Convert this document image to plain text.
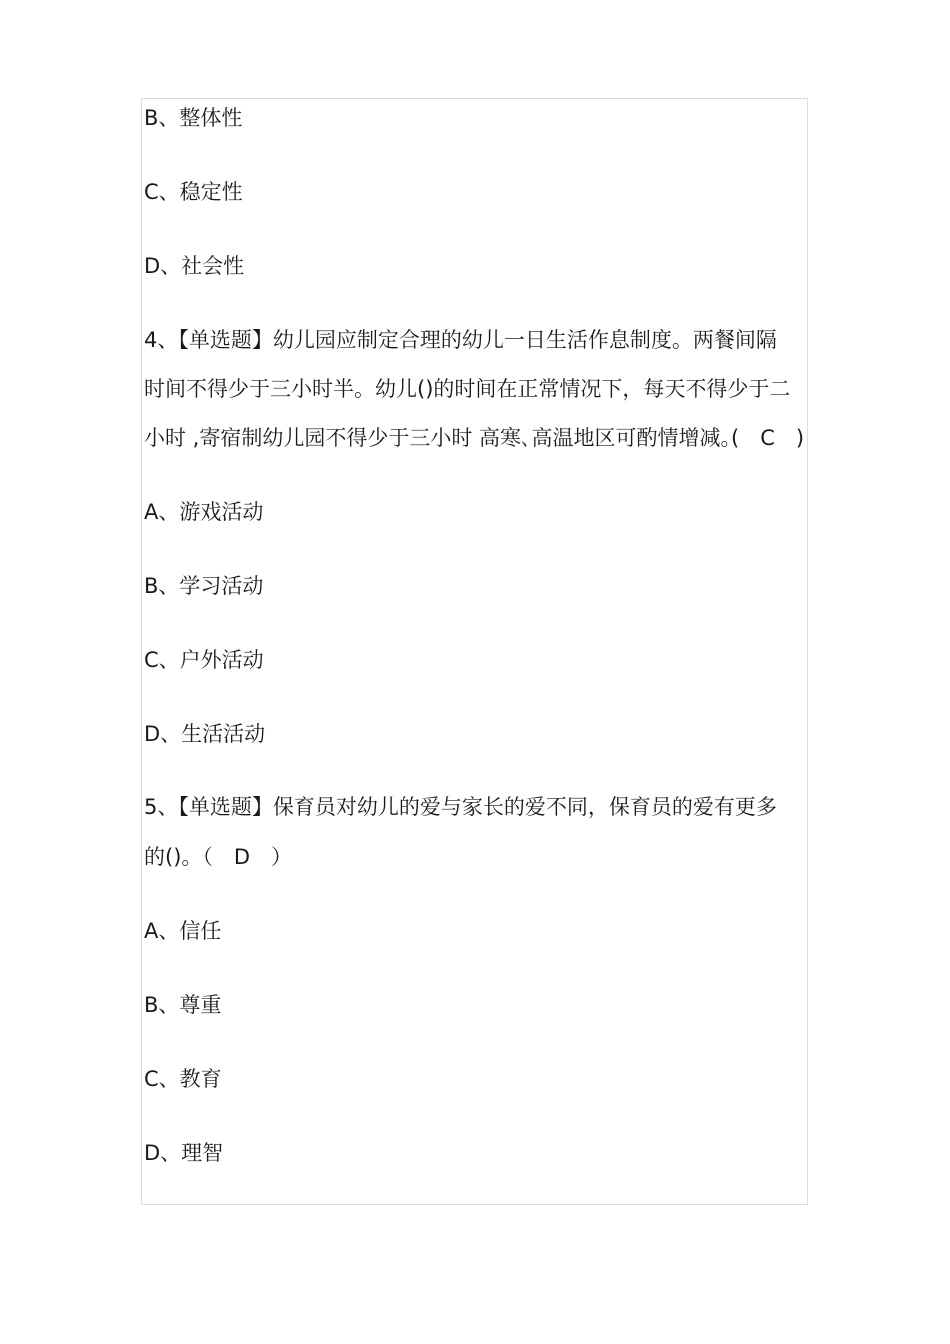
B、整体性
C、稳定性
D、社会性
4、【单选题】幼儿园应制定合理的幼儿一日生活作息制度。两餐间隔
时间不得少于三小时半。幼儿()的时间在正常情况下，每天不得少于二
小时 ,寄宿制幼儿园不得少于三小时 高寒､高温地区可酌情增减｡(　C　)
A、游戏活动
B、学习活动
C、户外活动
D、生活活动
5、【单选题】保育员对幼儿的爱与家长的爱不同，保育员的爱有更多
的()。（　D　）
A、信任
B、尊重
C、教育
D、理智
